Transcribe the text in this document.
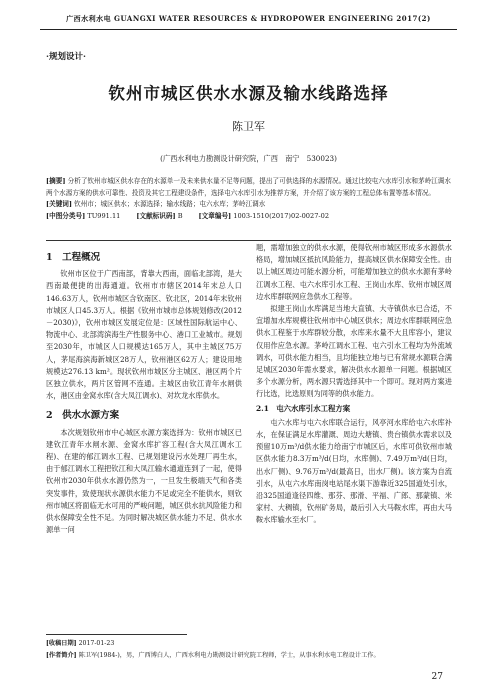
广西水利水电 GUANGXI WATER RESOURCES & HYDROPOWER ENGINEERING 2017(2)
·规划设计·
钦州市城区供水水源及输水线路选择
陈卫军
(广西水利电力勘测设计研究院，广西　南宁　530023)

[摘要] 分析了钦州市城区供水存在的水源单一及未来供水量不足等问题，提出了可供选择的水源情况。通过比较屯六水库引水和茅岭江调水两个水源方案的供水可靠性、投资及其它工程建设条件，选择屯六水库引水为推荐方案，并介绍了该方案的工程总体布置等基本情况。

[关键词] 钦州市；城区供水；水源选择；输水线路；屯六水库；茅岭江调水

[中图分类号] TU991.11 [文献标识码] B [文章编号] 1003-1510(2017)02-0027-02
1　工程概况

钦州市区位于广西南部，背靠大西南，面临北部湾，是大西南最便捷的出海通道。钦州市市辖区2014年末总人口146.63万人，钦州市城区含钦南区、钦北区，2014年末钦州市城区人口45.3万人。根据《钦州市城市总体规划修改(2012－2030)》，钦州市城区发展定位是：区域性国际航运中心、物流中心、北部湾滨海生产性服务中心、港口工业城市。规划至2030年，市城区人口规模达165万人，其中主城区75万人，茅尾海滨海新城区28万人，钦州港区62万人；建设用地规模达276.13 km²。现状钦州市城区分主城区、港区两个片区独立供水，两片区管网不连通。主城区由钦江青年水闸供水，港区由金窝水库(含大凤江调水)、对坎龙水库供水。

2　供水水源方案

本次规划钦州市中心城区水源方案选择为：钦州市城区已建钦江青年水闸水源、金窝水库扩容工程(含大凤江调水工程)、在建的郁江调水工程、已规划建设污水处理厂再生水，由于郁江调水工程把钦江和大凤江输水通道连到了一起，使得钦州市2030年供水水源仍然为一，一旦发生极端天气和各类突发事件，致使现状水源供水能力不足或完全不能供水，则钦州市城区将面临无水可用的严峻问题，城区供水抗风险能力和供水保障安全性不足。为同时解决城区供水能力不足、供水水源单一问

题，需增加独立的供水水源，使得钦州市城区形成多水源供水格局，增加城区抵抗风险能力，提高城区供水保障安全性。由以上城区周边可能水源分析，可能增加独立的供水水源有茅岭江调水工程、屯六水库引水工程、王岗山水库、钦州市城区周边水库群联网应急供水工程等。

拟建王岗山水库满足当地大直镇、大寺镇供水已合适，不宜增加水库规模往钦州市中心城区供水；周边水库群联网应急供水工程鉴于水库群较分散，水库来水量不大且库容小，建议仅用作应急水源。茅岭江调水工程、屯六引水工程均为外流域调水，可供水能力相当，且均能独立地与已有常规水源联合满足城区2030年需水要求，解决供水水源单一问题。根据城区多个水源分析，两水源只需选择其中一个即可。现对两方案进行比选，比选原则为同等的供水能力。

2.1　屯六水库引水工程方案

屯六水库与屯六水库联合运行，风亭河水库给屯六水库补水，在保证满足水库灌溉、周边大塘镇、贵台镇供水需求以及预留10万m³/d供水能力给南宁市城区后，水库可供钦州市城区供水能力8.3万m³/d(日均，水库侧)、7.49万m³/d(日均，出水厂侧)、9.76万m³/d(最高日，出水厂侧)。该方案为自流引水，从屯六水库南岗电站尾水渠下游靠近325国道处引水，沿325国道逢径四维、那芬、那滑、平福、广郎、那蒙镇、米家村、大稠镇，钦州矿务局，最后引入大马鞍水库，再由大马鞍水库输水至水厂。

[收稿日期] 2017-01-23
[作者简介] 陈卫军(1984-)，男，广西博白人，广西水利电力勘测设计研究院工程师，学士，从事水利水电工程设计工作。
27
